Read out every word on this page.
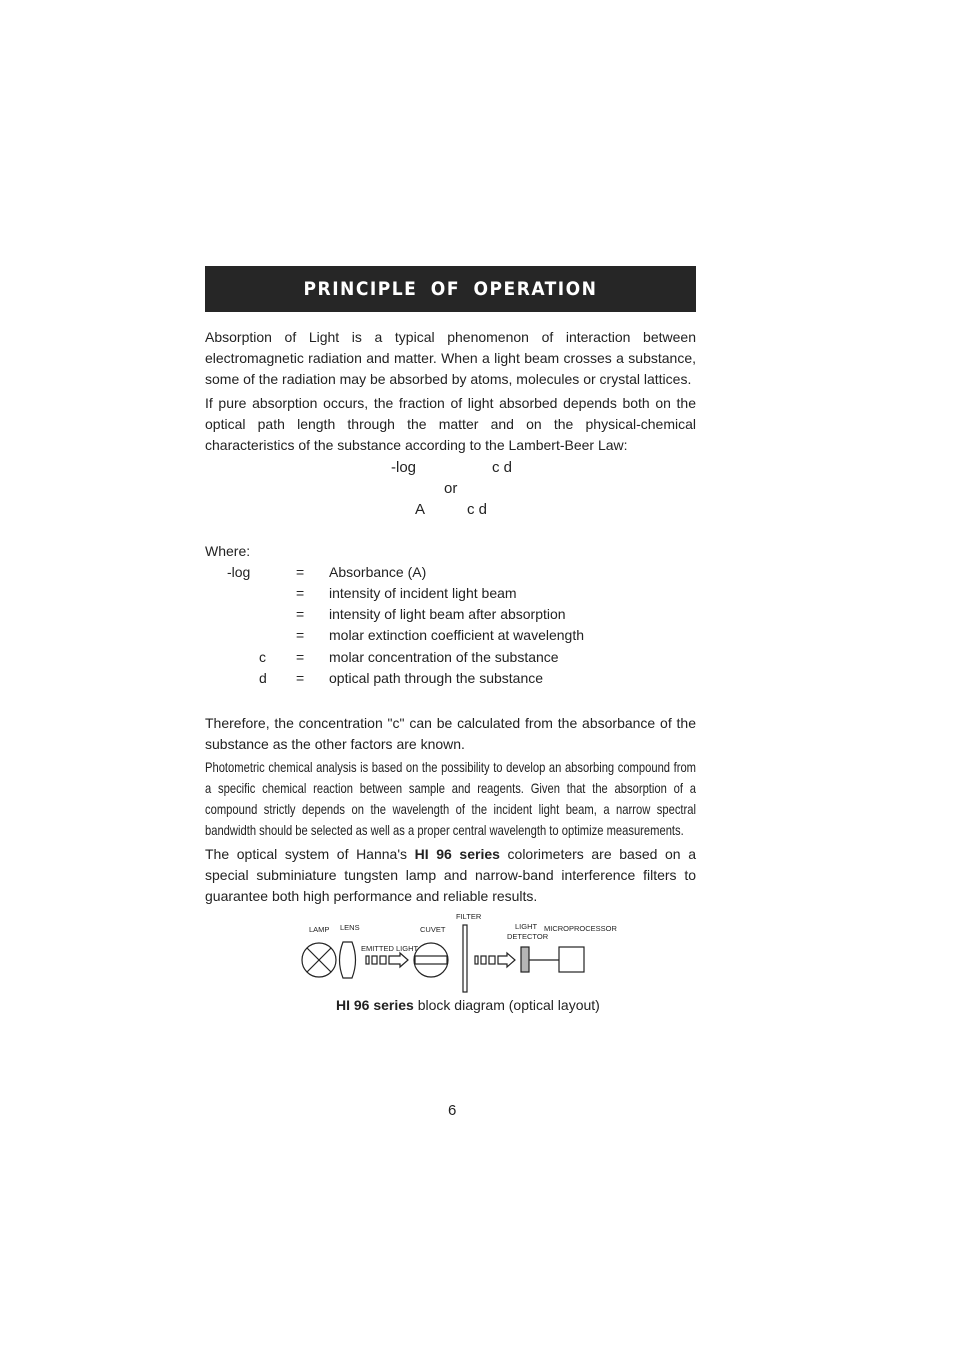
PRINCIPLE OF OPERATION

Absorption of Light is a typical phenomenon of interaction between electromagnetic radiation and matter. When a light beam crosses a substance, some of the radiation may be absorbed by atoms, molecules or crystal lattices.

If pure absorption occurs, the fraction of light absorbed depends both on the optical path length through the matter and on the physical-chemical characteristics of the substance according to the Lambert-Beer Law:

-log	c d
or
A	c d
Where:
-log
c
d
=
=
=
=
=
=
Absorbance (A)
intensity of incident light beam
intensity of light beam after absorption
molar extinction coefficient at wavelength
molar concentration of the substance
optical path through the substance

Therefore, the concentration "c" can be calculated from the absorbance of the substance as the other factors are known.

Photometric chemical analysis is based on the possibility to develop an absorbing compound from a specific chemical reaction between sample and reagents. Given that the absorption of a compound strictly depends on the wavelength of the incident light beam, a narrow spectral bandwidth should be selected as well as a proper central wavelength to optimize measurements.

The optical system of Hanna's HI 96 series colorimeters are based on a special subminiature tungsten lamp and narrow-band interference filters to guarantee both high performance and reliable results.

LAMP LENS
EMITTED LIGHT
CUVET
FILTER
LIGHT
DETECTOR
MICROPROCESSOR
HI 96 series block diagram (optical layout)
6
